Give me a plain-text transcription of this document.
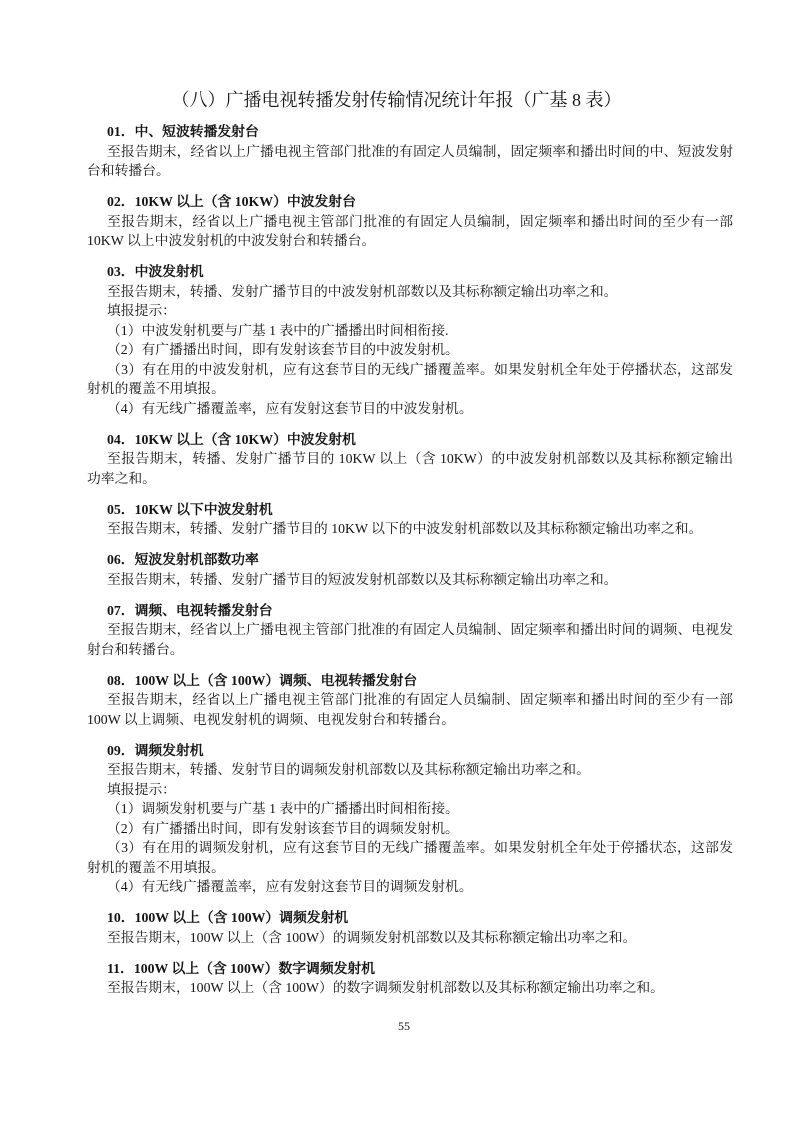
（八）广播电视转播发射传输情况统计年报（广基 8 表）
01．中、短波转播发射台
至报告期末，经省以上广播电视主管部门批准的有固定人员编制，固定频率和播出时间的中、短波发射
台和转播台。
02．10KW 以上（含 10KW）中波发射台
至报告期末，经省以上广播电视主管部门批准的有固定人员编制，固定频率和播出时间的至少有一部
10KW 以上中波发射机的中波发射台和转播台。
03．中波发射机
至报告期末，转播、发射广播节目的中波发射机部数以及其标称额定输出功率之和。
填报提示：
（1）中波发射机要与广基 1 表中的广播播出时间相衔接.
（2）有广播播出时间，即有发射该套节目的中波发射机。
（3）有在用的中波发射机，应有这套节目的无线广播覆盖率。如果发射机全年处于停播状态，这部发
射机的覆盖不用填报。
（4）有无线广播覆盖率，应有发射这套节目的中波发射机。
04．10KW 以上（含 10KW）中波发射机
至报告期末，转播、发射广播节目的 10KW 以上（含 10KW）的中波发射机部数以及其标称额定输出
功率之和。
05．10KW 以下中波发射机
至报告期末，转播、发射广播节目的 10KW 以下的中波发射机部数以及其标称额定输出功率之和。
06．短波发射机部数功率
至报告期末，转播、发射广播节目的短波发射机部数以及其标称额定输出功率之和。
07．调频、电视转播发射台
至报告期末，经省以上广播电视主管部门批准的有固定人员编制、固定频率和播出时间的调频、电视发
射台和转播台。
08．100W 以上（含 100W）调频、电视转播发射台
至报告期末，经省以上广播电视主管部门批准的有固定人员编制、固定频率和播出时间的至少有一部
100W 以上调频、电视发射机的调频、电视发射台和转播台。
09．调频发射机
至报告期末，转播、发射节目的调频发射机部数以及其标称额定输出功率之和。
填报提示：
（1）调频发射机要与广基 1 表中的广播播出时间相衔接。
（2）有广播播出时间，即有发射该套节目的调频发射机。
（3）有在用的调频发射机，应有这套节目的无线广播覆盖率。如果发射机全年处于停播状态，这部发
射机的覆盖不用填报。
（4）有无线广播覆盖率，应有发射这套节目的调频发射机。
10．100W 以上（含 100W）调频发射机
至报告期末，100W 以上（含 100W）的调频发射机部数以及其标称额定输出功率之和。
11．100W 以上（含 100W）数字调频发射机
至报告期末，100W 以上（含 100W）的数字调频发射机部数以及其标称额定输出功率之和。
55
